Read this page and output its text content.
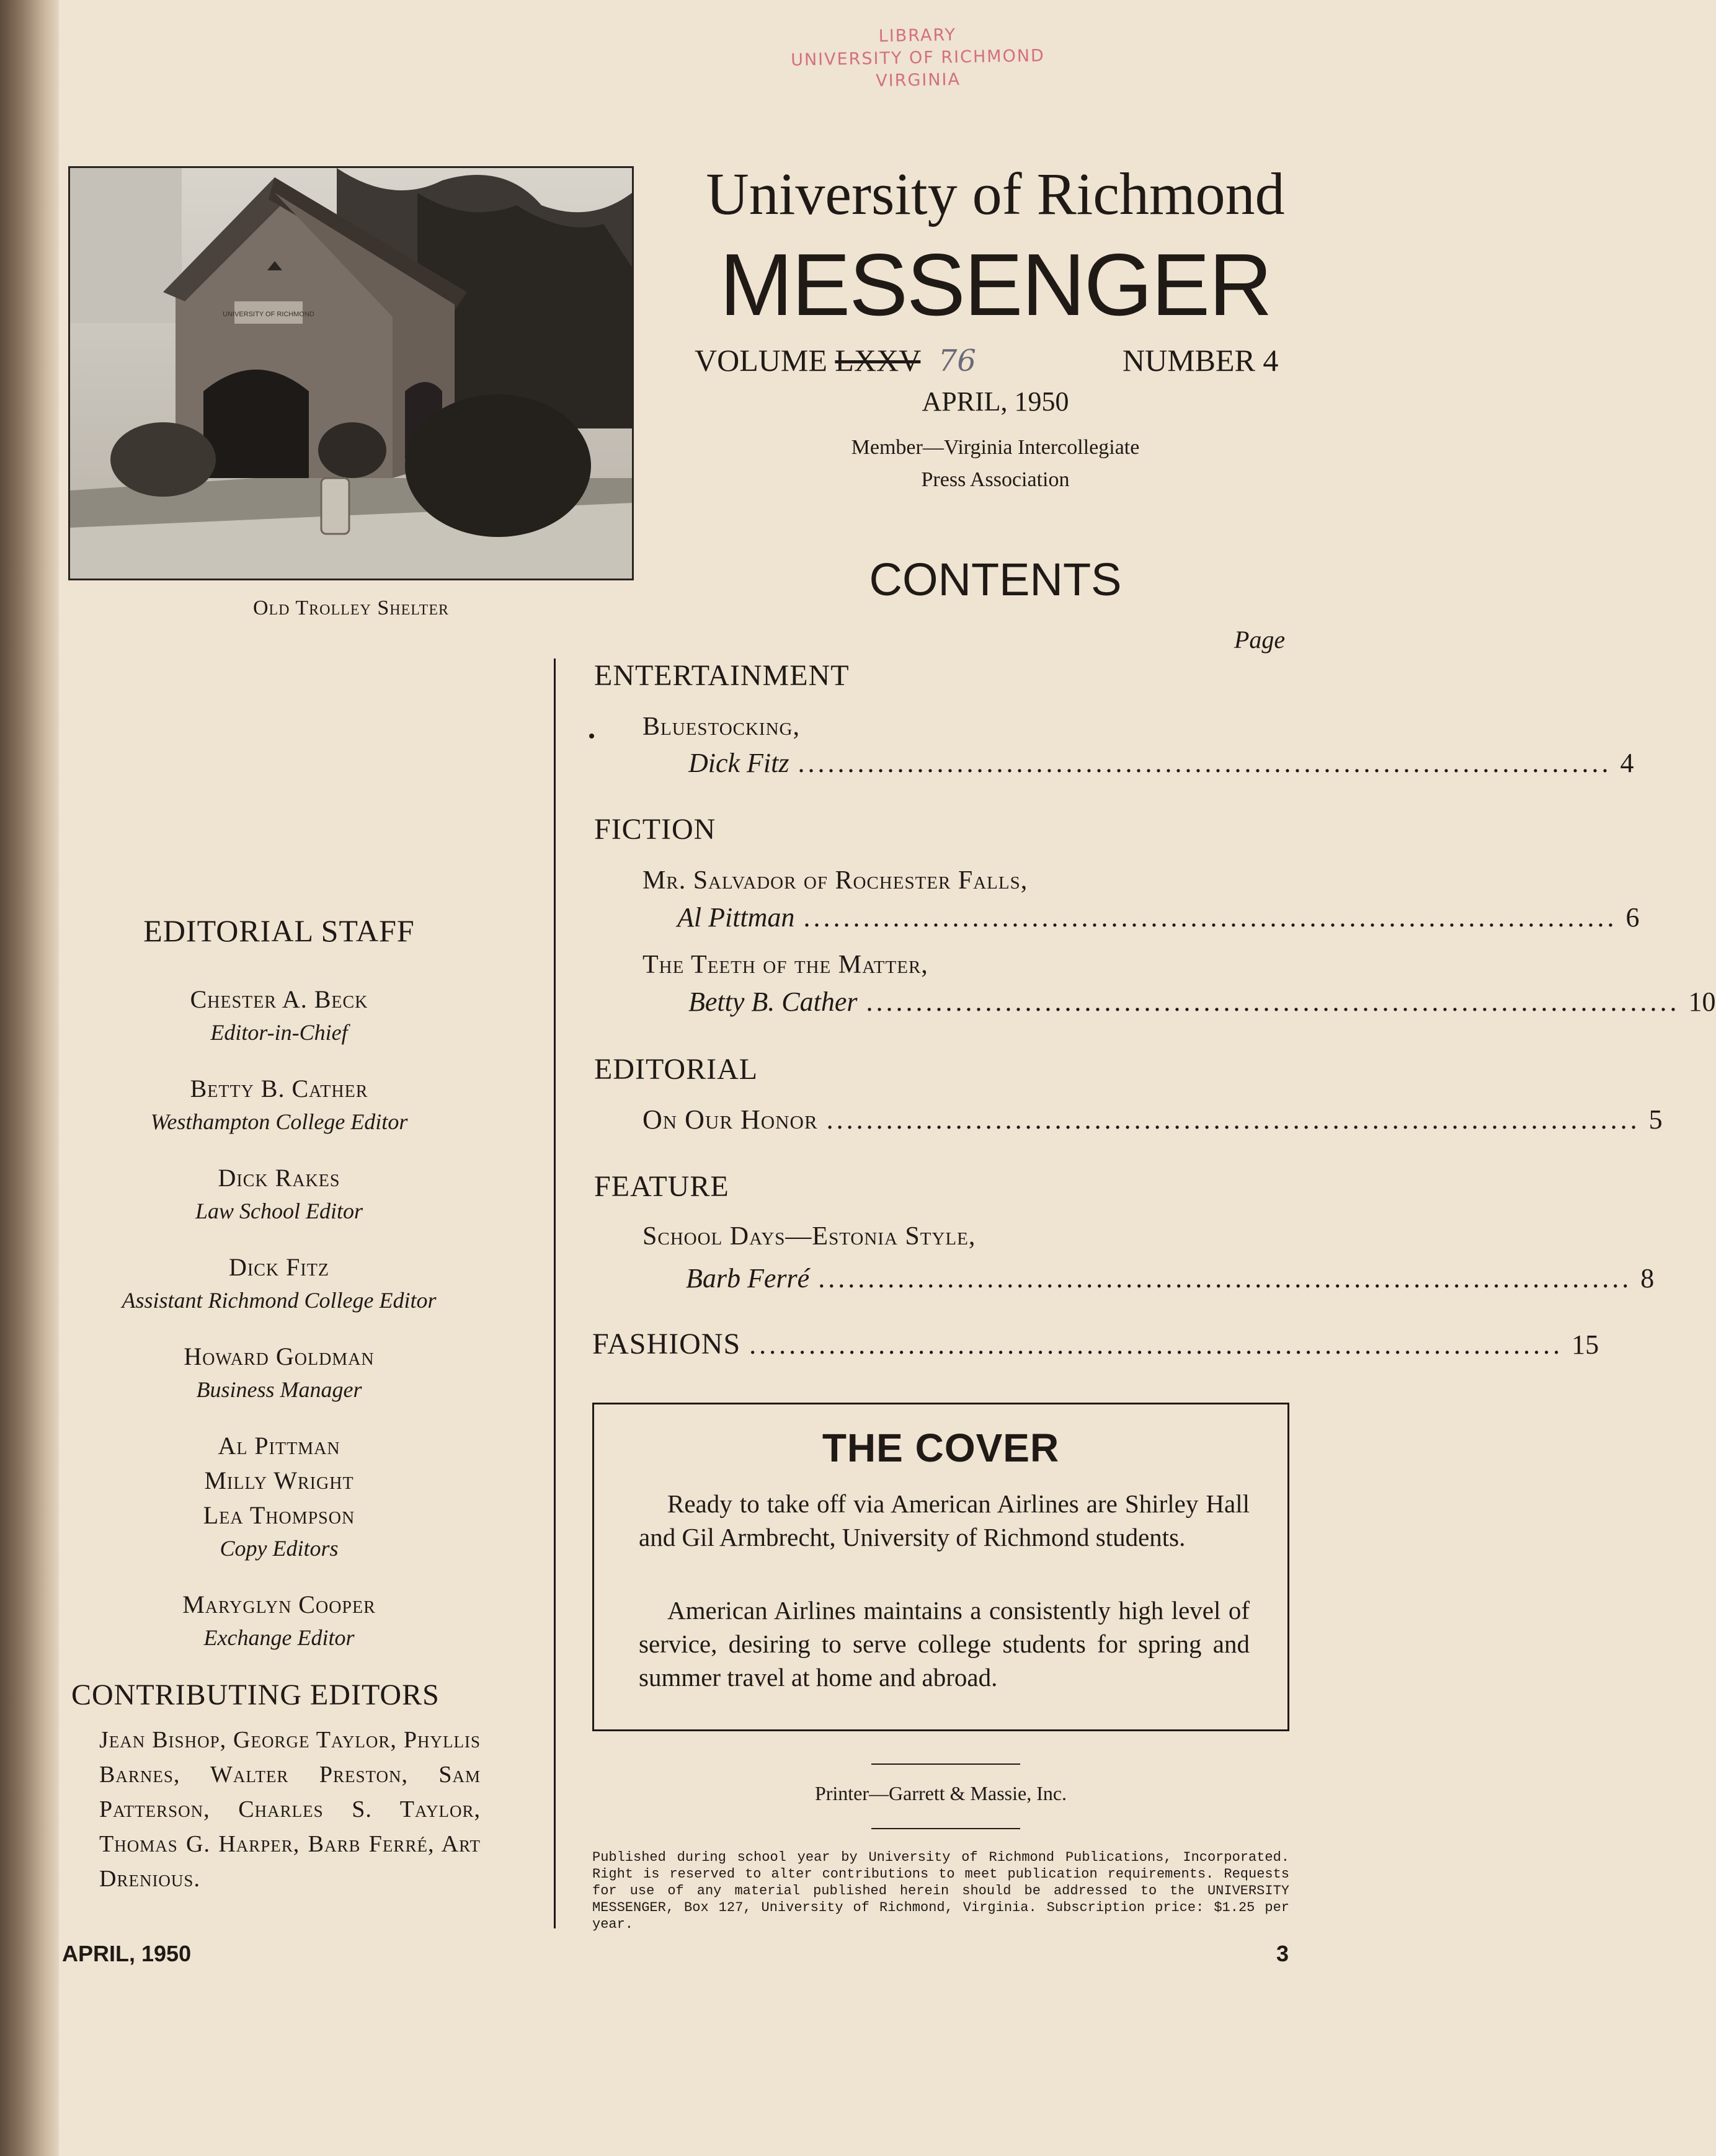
LIBRARY
UNIVERSITY OF RICHMOND
VIRGINIA
UNIVERSITY OF RICHMOND
Old Trolley Shelter
University of Richmond
MESSENGER
VOLUME LXXV 76	NUMBER 4
APRIL, 1950
Member—Virginia Intercollegiate
Press Association
CONTENTS
Page
ENTERTAINMENT
Bluestocking,
Dick Fitz .................................................................................. 4
FICTION
Mr. Salvador of Rochester Falls,
Al Pittman .................................................................................. 6
The Teeth of the Matter,
Betty B. Cather .................................................................................. 10
EDITORIAL
On Our Honor .................................................................................. 5
FEATURE
School Days—Estonia Style,
Barb Ferré .................................................................................. 8
FASHIONS .................................................................................. 15
THE COVER
Ready to take off via American Airlines are Shirley Hall and Gil Armbrecht, University of Richmond students.
American Airlines maintains a consistently high level of service, desiring to serve college students for spring and summer travel at home and abroad.
Printer—Garrett & Massie, Inc.
Published during school year by University of Richmond Publications, Incorporated. Right is reserved to alter contributions to meet publication requirements. Requests for use of any material published herein should be addressed to the UNIVERSITY MESSENGER, Box 127, University of Richmond, Virginia. Subscription price: $1.25 per year.
EDITORIAL STAFF
Chester A. Beck
Editor-in-Chief
Betty B. Cather
Westhampton College Editor
Dick Rakes
Law School Editor
Dick Fitz
Assistant Richmond College Editor
Howard Goldman
Business Manager
Al Pittman
Milly Wright
Lea Thompson
Copy Editors
Maryglyn Cooper
Exchange Editor
CONTRIBUTING EDITORS
Jean Bishop, George Taylor, Phyllis Barnes, Walter Preston, Sam Patterson, Charles S. Taylor, Thomas G. Harper, Barb Ferré, Art Drenious.
APRIL, 1950	3
